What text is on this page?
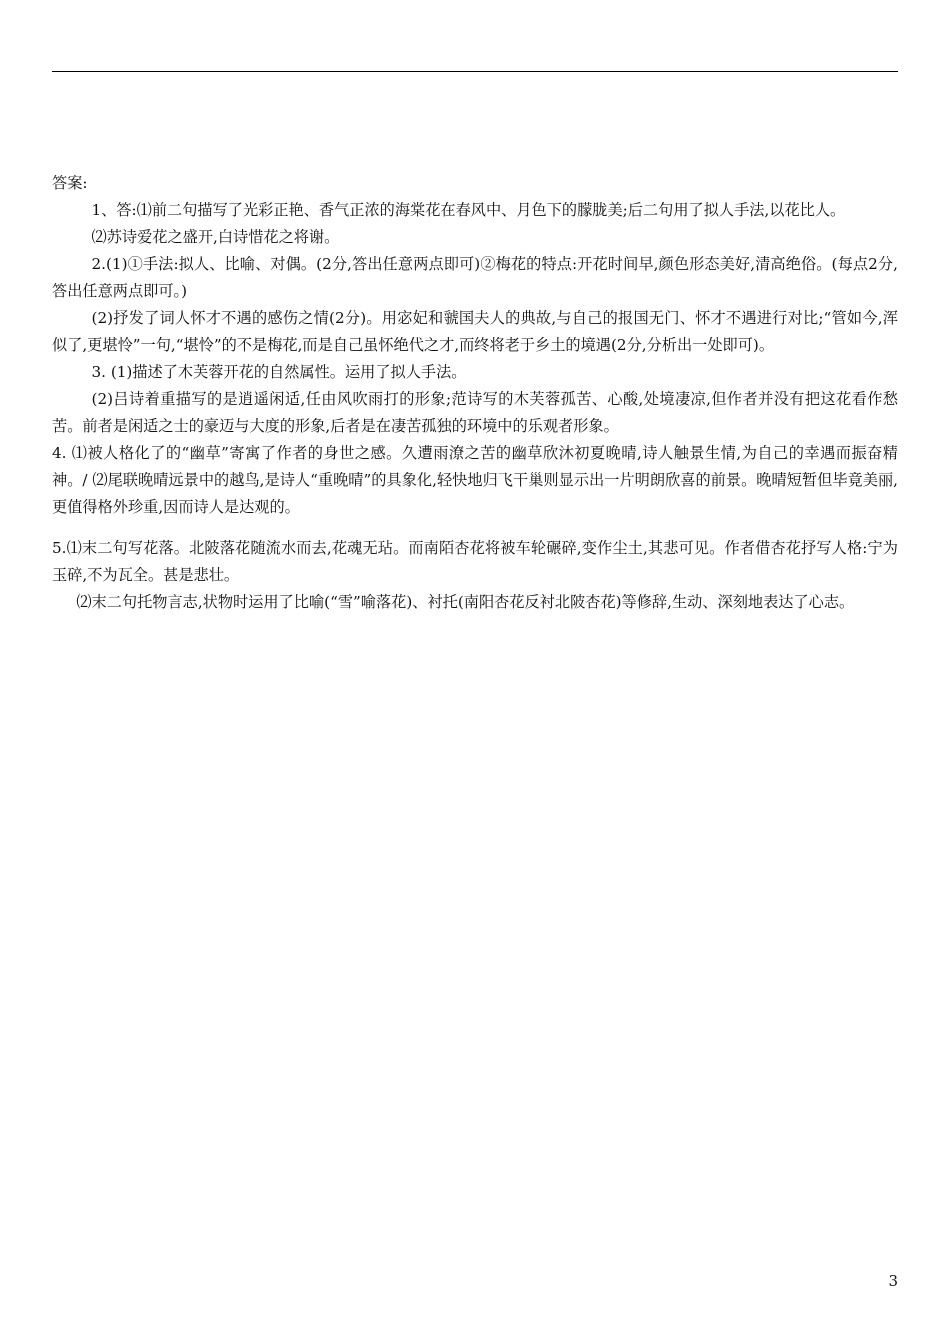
答案:

1、答:⑴前二句描写了光彩正艳、香气正浓的海棠花在春风中、月色下的朦胧美;后二句用了拟人手法,以花比人。

⑵苏诗爱花之盛开,白诗惜花之将谢。

2.(1)①手法:拟人、比喻、对偶。(2分,答出任意两点即可)②梅花的特点:开花时间早,颜色形态美好,清高绝俗。(每点2分,答出任意两点即可。)

(2)抒发了词人怀才不遇的感伤之情(2分)。用宓妃和虢国夫人的典故,与自己的报国无门、怀才不遇进行对比;“管如今,浑似了,更堪怜”一句,“堪怜”的不是梅花,而是自己虽怀绝代之才,而终将老于乡土的境遇(2分,分析出一处即可)。

3. (1)描述了木芙蓉开花的自然属性。运用了拟人手法。

(2)吕诗着重描写的是逍遥闲适,任由风吹雨打的形象;范诗写的木芙蓉孤苦、心酸,处境凄凉,但作者并没有把这花看作愁苦。前者是闲适之士的豪迈与大度的形象,后者是在凄苦孤独的环境中的乐观者形象。

4. ⑴被人格化了的“幽草”寄寓了作者的身世之感。久遭雨潦之苦的幽草欣沐初夏晚晴,诗人触景生情,为自己的幸遇而振奋精神。/ ⑵尾联晚晴远景中的越鸟,是诗人“重晚晴”的具象化,轻快地归飞干巢则显示出一片明朗欣喜的前景。晚晴短暂但毕竟美丽,更值得格外珍重,因而诗人是达观的。

5.⑴末二句写花落。北陂落花随流水而去,花魂无玷。而南陌杏花将被车轮碾碎,变作尘土,其悲可见。作者借杏花抒写人格:宁为玉碎,不为瓦全。甚是悲壮。

⑵末二句托物言志,状物时运用了比喻(“雪”喻落花)、衬托(南阳杏花反衬北陂杏花)等修辞,生动、深刻地表达了心志。

3
